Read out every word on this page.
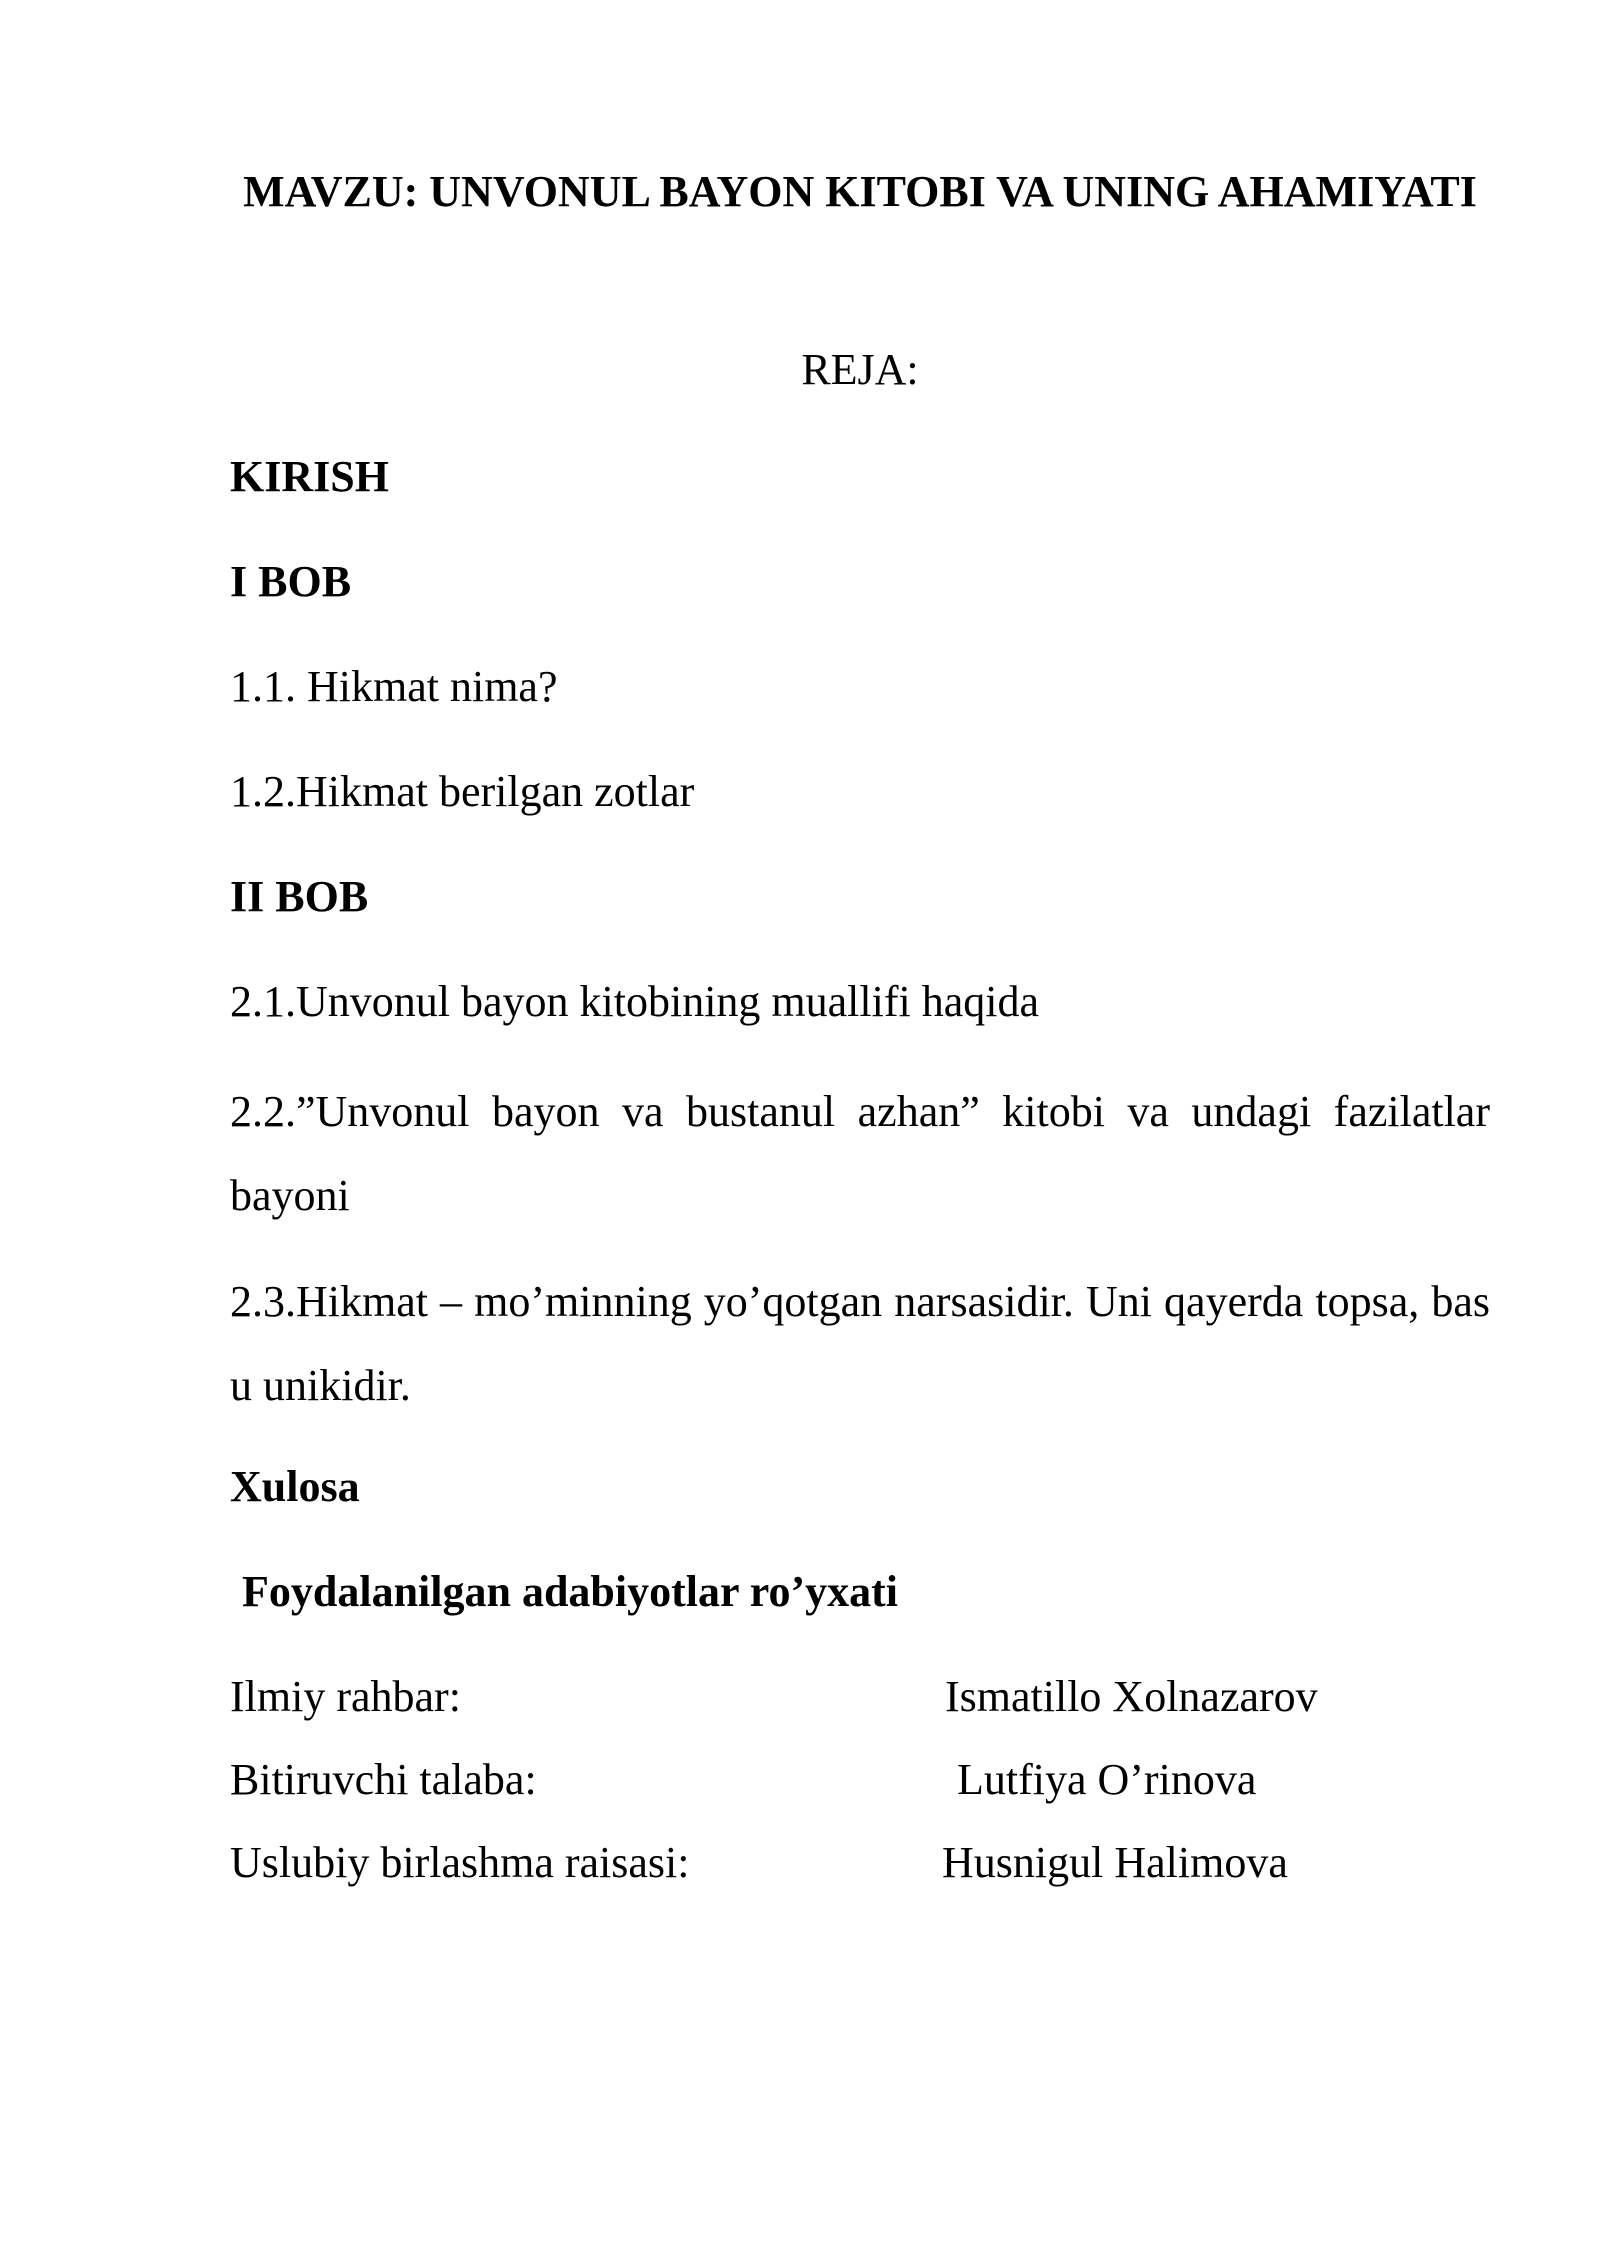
MAVZU: UNVONUL BAYON KITOBI VA UNING AHAMIYATI

REJA:

KIRISH

I BOB

1.1. Hikmat nima?

1.2.Hikmat berilgan zotlar

II BOB

2.1.Unvonul bayon kitobining muallifi haqida

2.2.”Unvonul bayon va bustanul azhan” kitobi va undagi fazilatlar bayoni

2.3.Hikmat – mo’minning yo’qotgan narsasidir. Uni qayerda topsa, bas u unikidir.

Xulosa

Foydalanilgan adabiyotlar ro’yxati

Ilmiy rahbar:	Ismatillo Xolnazarov
Bitiruvchi talaba:	Lutfiya O’rinova
Uslubiy birlashma raisasi:	Husnigul Halimova
